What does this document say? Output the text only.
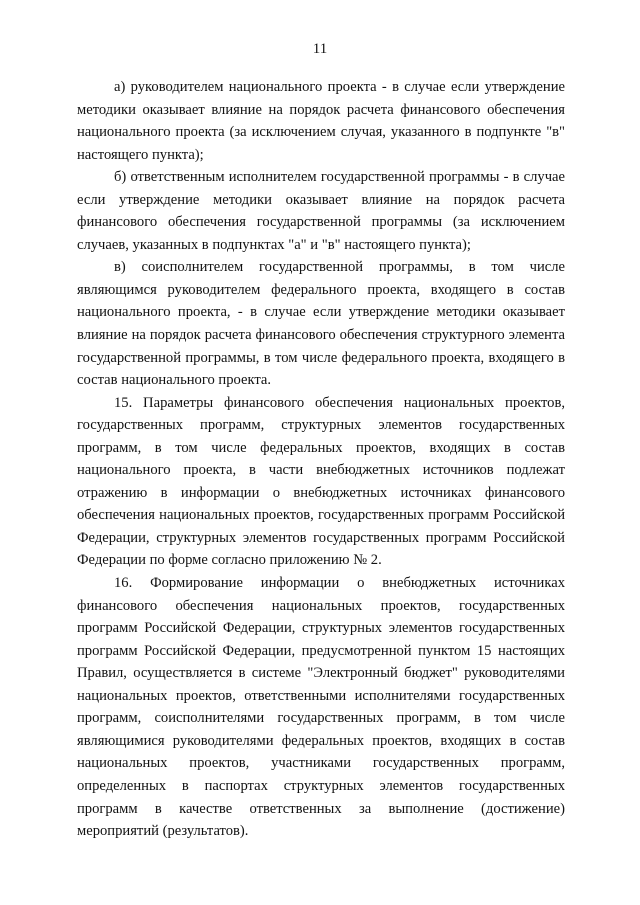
11

а) руководителем национального проекта - в случае если утверждение методики оказывает влияние на порядок расчета финансового обеспечения национального проекта (за исключением случая, указанного в подпункте "в" настоящего пункта);

б) ответственным исполнителем государственной программы - в случае если утверждение методики оказывает влияние на порядок расчета финансового обеспечения государственной программы (за исключением случаев, указанных в подпунктах "а" и "в" настоящего пункта);

в) соисполнителем государственной программы, в том числе являющимся руководителем федерального проекта, входящего в состав национального проекта, - в случае если утверждение методики оказывает влияние на порядок расчета финансового обеспечения структурного элемента государственной программы, в том числе федерального проекта, входящего в состав национального проекта.

15. Параметры финансового обеспечения национальных проектов, государственных программ, структурных элементов государственных программ, в том числе федеральных проектов, входящих в состав национального проекта, в части внебюджетных источников подлежат отражению в информации о внебюджетных источниках финансового обеспечения национальных проектов, государственных программ Российской Федерации, структурных элементов государственных программ Российской Федерации по форме согласно приложению № 2.

16. Формирование информации о внебюджетных источниках финансового обеспечения национальных проектов, государственных программ Российской Федерации, структурных элементов государственных программ Российской Федерации, предусмотренной пунктом 15 настоящих Правил, осуществляется в системе "Электронный бюджет" руководителями национальных проектов, ответственными исполнителями государственных программ, соисполнителями государственных программ, в том числе являющимися руководителями федеральных проектов, входящих в состав национальных проектов, участниками государственных программ, определенных в паспортах структурных элементов государственных программ в качестве ответственных за выполнение (достижение) мероприятий (результатов).
